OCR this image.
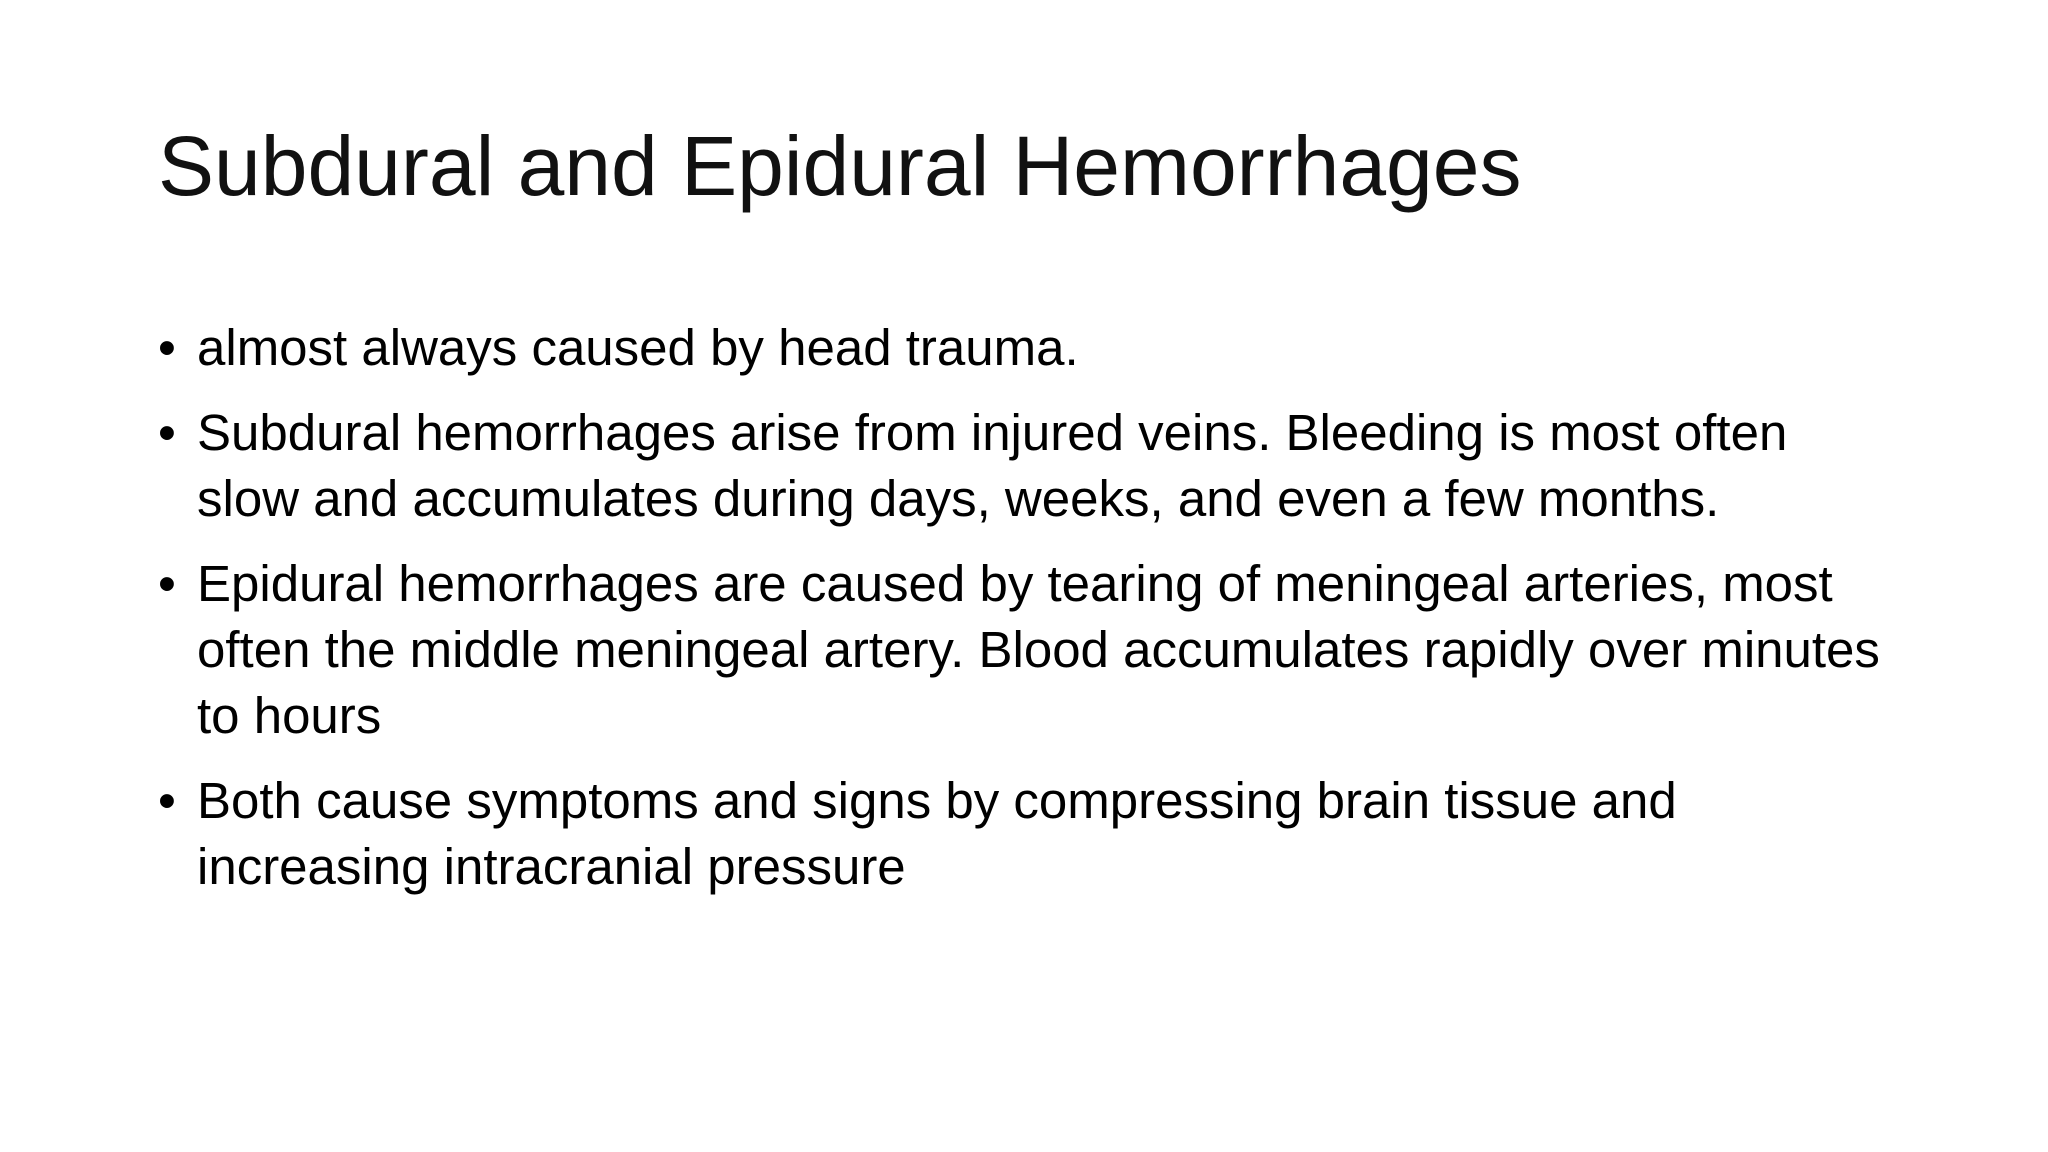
Subdural and Epidural Hemorrhages
• almost always caused by head trauma.
• Subdural hemorrhages arise from injured veins. Bleeding is most often slow and accumulates during days, weeks, and even a few months.
• Epidural hemorrhages are caused by tearing of meningeal arteries, most often the middle meningeal artery. Blood accumulates rapidly over minutes to hours
• Both cause symptoms and signs by compressing brain tissue and increasing intracranial pressure
